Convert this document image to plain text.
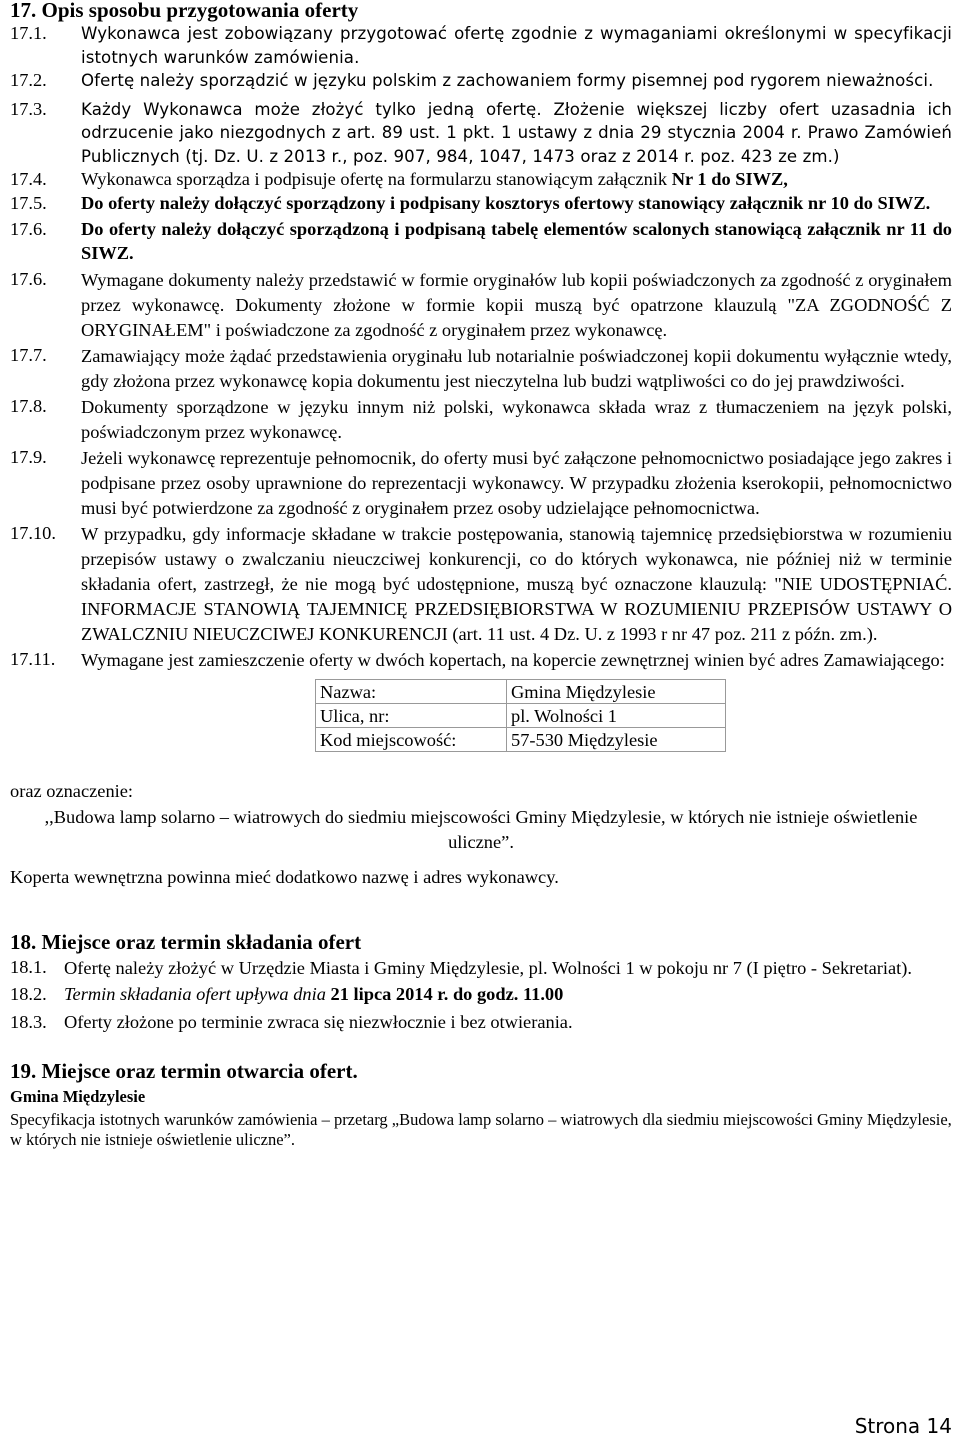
17. Opis sposobu przygotowania oferty
17.1.	Wykonawca jest zobowiązany przygotować ofertę zgodnie z wymaganiami określonymi w specyfikacji istotnych warunków zamówienia.
17.2.	Ofertę należy sporządzić w języku polskim z zachowaniem formy pisemnej pod rygorem nieważności.
17.3.	Każdy Wykonawca może złożyć tylko jedną ofertę. Złożenie większej liczby ofert uzasadnia ich odrzucenie jako niezgodnych z art. 89 ust. 1 pkt. 1 ustawy z dnia 29 stycznia 2004 r. Prawo Zamówień Publicznych (tj. Dz. U. z 2013 r., poz. 907, 984, 1047, 1473 oraz z 2014 r. poz. 423 ze zm.)
17.4.	Wykonawca sporządza i podpisuje ofertę na formularzu stanowiącym załącznik Nr 1 do SIWZ,
17.5.	Do oferty należy dołączyć sporządzony i podpisany kosztorys ofertowy stanowiący załącznik nr 10 do SIWZ.
17.6.	Do oferty należy dołączyć sporządzoną i podpisaną tabelę elementów scalonych stanowiącą załącznik nr 11 do SIWZ.
17.6.	Wymagane dokumenty należy przedstawić w formie oryginałów lub kopii poświadczonych za zgodność z oryginałem przez wykonawcę. Dokumenty złożone w formie kopii muszą być opatrzone klauzulą "ZA ZGODNOŚĆ Z ORYGINAŁEM" i poświadczone za zgodność z oryginałem przez wykonawcę.
17.7.	Zamawiający może żądać przedstawienia oryginału lub notarialnie poświadczonej kopii dokumentu wyłącznie wtedy, gdy złożona przez wykonawcę kopia dokumentu jest nieczytelna lub budzi wątpliwości co do jej prawdziwości.
17.8.	Dokumenty sporządzone w języku innym niż polski, wykonawca składa wraz z tłumaczeniem na język polski, poświadczonym przez wykonawcę.
17.9.	Jeżeli wykonawcę reprezentuje pełnomocnik, do oferty musi być załączone pełnomocnictwo posiadające jego zakres i podpisane przez osoby uprawnione do reprezentacji wykonawcy. W przypadku złożenia kserokopii, pełnomocnictwo musi być potwierdzone za zgodność z oryginałem przez osoby udzielające pełnomocnictwa.
17.10.	W przypadku, gdy informacje składane w trakcie postępowania, stanowią tajemnicę przedsiębiorstwa w rozumieniu przepisów ustawy o zwalczaniu nieuczciwej konkurencji, co do których wykonawca, nie później niż w terminie składania ofert, zastrzegł, że nie mogą być udostępnione, muszą być oznaczone klauzulą: "NIE UDOSTĘPNIAĆ. INFORMACJE STANOWIĄ TAJEMNICĘ PRZEDSIĘBIORSTWA W ROZUMIENIU PRZEPISÓW USTAWY O ZWALCZNIU NIEUCZCIWEJ KONKURENCJI (art. 11 ust. 4 Dz. U. z 1993 r nr 47 poz. 211 z późn. zm.).
17.11.	Wymagane jest zamieszczenie oferty w dwóch kopertach, na kopercie zewnętrznej winien być adres Zamawiającego:
Nazwa:	Gmina Międzylesie
Ulica, nr:	pl. Wolności 1
Kod miejscowość:	57-530 Międzylesie
oraz oznaczenie:
,,Budowa lamp solarno – wiatrowych do siedmiu miejscowości Gminy Międzylesie, w których nie istnieje oświetlenie uliczne”.
Koperta wewnętrzna powinna mieć dodatkowo nazwę i adres wykonawcy.
18. Miejsce oraz termin składania ofert
18.1. Ofertę należy złożyć w Urzędzie Miasta i Gminy Międzylesie, pl. Wolności 1 w pokoju nr 7 (I piętro - Sekretariat).
18.2. Termin składania ofert upływa dnia 21 lipca 2014 r. do godz. 11.00
18.3. Oferty złożone po terminie zwraca się niezwłocznie i bez otwierania.
19. Miejsce oraz termin otwarcia ofert.
Gmina Międzylesie
Specyfikacja istotnych warunków zamówienia – przetarg „Budowa lamp solarno – wiatrowych dla siedmiu miejscowości Gminy Międzylesie, w których nie istnieje oświetlenie uliczne”.
Strona 14
